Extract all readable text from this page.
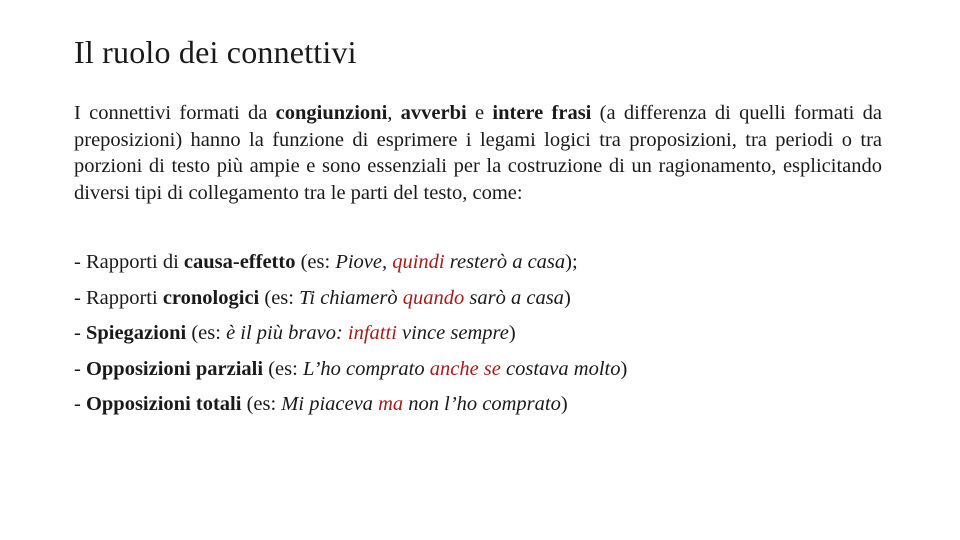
Il ruolo dei connettivi

I connettivi formati da congiunzioni, avverbi e intere frasi (a differenza di quelli formati da preposizioni) hanno la funzione di esprimere i legami logici tra proposizioni, tra periodi o tra porzioni di testo più ampie e sono essenziali per la costruzione di un ragionamento, esplicitando diversi tipi di collegamento tra le parti del testo, come:

- Rapporti di causa-effetto (es: Piove, quindi resterò a casa);
- Rapporti cronologici (es: Ti chiamerò quando sarò a casa)
- Spiegazioni (es: è il più bravo: infatti vince sempre)
- Opposizioni parziali (es: L’ho comprato anche se costava molto)
- Opposizioni totali (es: Mi piaceva ma non l’ho comprato)
